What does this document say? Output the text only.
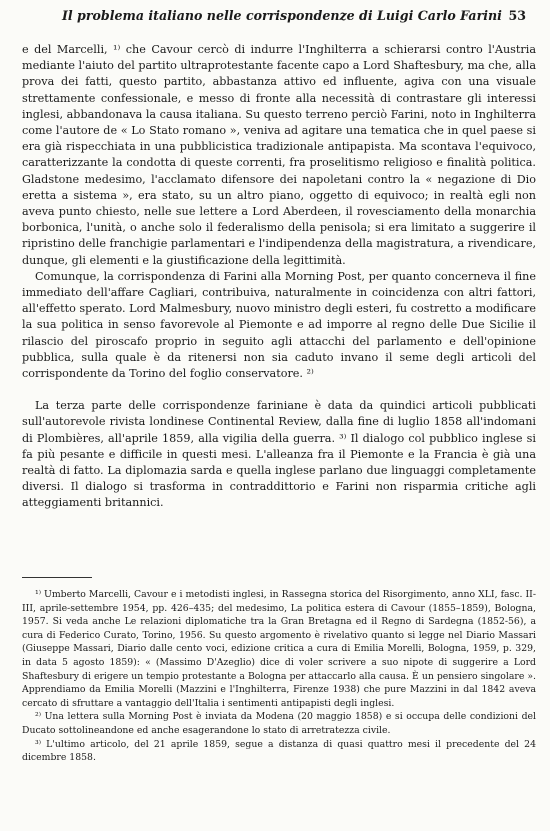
Il problema italiano nelle corrispondenze di Luigi Carlo Farini 53

e del Marcelli, ¹⁾ che Cavour cercò di indurre l'Inghilterra a schierarsi contro l'Austria mediante l'aiuto del partito ultraprotestante facente capo a Lord Shaftesbury, ma che, alla prova dei fatti, questo partito, abbastanza attivo ed influente, agiva con una visuale strettamente confessionale, e messo di fronte alla necessità di contrastare gli interessi inglesi, abbandonava la causa italiana. Su questo terreno perciò Farini, noto in Inghilterra come l'autore de « Lo Stato romano », veniva ad agitare una tematica che in quel paese si era già rispecchiata in una pubblicistica tradizionale antipapista. Ma scontava l'equivoco, caratterizzante la condotta di queste correnti, fra proselitismo religioso e finalità politica. Gladstone medesimo, l'acclamato difensore dei napoletani contro la « negazione di Dio eretta a sistema », era stato, su un altro piano, oggetto di equivoco; in realtà egli non aveva punto chiesto, nelle sue lettere a Lord Aberdeen, il rovesciamento della monarchia borbonica, l'unità, o anche solo il federalismo della penisola; si era limitato a suggerire il ripristino delle franchigie parlamentari e l'indipendenza della magistratura, a rivendicare, dunque, gli elementi e la giustificazione della legittimità.

Comunque, la corrispondenza di Farini alla Morning Post, per quanto concerneva il fine immediato dell'affare Cagliari, contribuiva, naturalmente in coincidenza con altri fattori, all'effetto sperato. Lord Malmesbury, nuovo ministro degli esteri, fu costretto a modificare la sua politica in senso favorevole al Piemonte e ad imporre al regno delle Due Sicilie il rilascio del piroscafo proprio in seguito agli attacchi del parlamento e dell'opinione pubblica, sulla quale è da ritenersi non sia caduto invano il seme degli articoli del corrispondente da Torino del foglio conservatore. ²⁾

La terza parte delle corrispondenze fariniane è data da quindici articoli pubblicati sull'autorevole rivista londinese Continental Review, dalla fine di luglio 1858 all'indomani di Plombières, all'aprile 1859, alla vigilia della guerra. ³⁾ Il dialogo col pubblico inglese si fa più pesante e difficile in questi mesi. L'alleanza fra il Piemonte e la Francia è già una realtà di fatto. La diplomazia sarda e quella inglese parlano due linguaggi completamente diversi. Il dialogo si trasforma in contraddittorio e Farini non risparmia critiche agli atteggiamenti britannici.

¹⁾ Umberto Marcelli, Cavour e i metodisti inglesi, in Rassegna storica del Risorgimento, anno XLI, fasc. II-III, aprile-settembre 1954, pp. 426–435; del medesimo, La politica estera di Cavour (1855–1859), Bologna, 1957. Si veda anche Le relazioni diplomatiche tra la Gran Bretagna ed il Regno di Sardegna (1852-56), a cura di Federico Curato, Torino, 1956. Su questo argomento è rivelativo quanto si legge nel Diario Massari (Giuseppe Massari, Diario dalle cento voci, edizione critica a cura di Emilia Morelli, Bologna, 1959, p. 329, in data 5 agosto 1859): « (Massimo D'Azeglio) dice di voler scrivere a suo nipote di suggerire a Lord Shaftesbury di erigere un tempio protestante a Bologna per attaccarlo alla causa. È un pensiero singolare ». Apprendiamo da Emilia Morelli (Mazzini e l'Inghilterra, Firenze 1938) che pure Mazzini in dal 1842 aveva cercato di sfruttare a vantaggio dell'Italia i sentimenti antipapisti degli inglesi.

²⁾ Una lettera sulla Morning Post è inviata da Modena (20 maggio 1858) e si occupa delle condizioni del Ducato sottolineandone ed anche esagerandone lo stato di arretratezza civile.

³⁾ L'ultimo articolo, del 21 aprile 1859, segue a distanza di quasi quattro mesi il precedente del 24 dicembre 1858.
